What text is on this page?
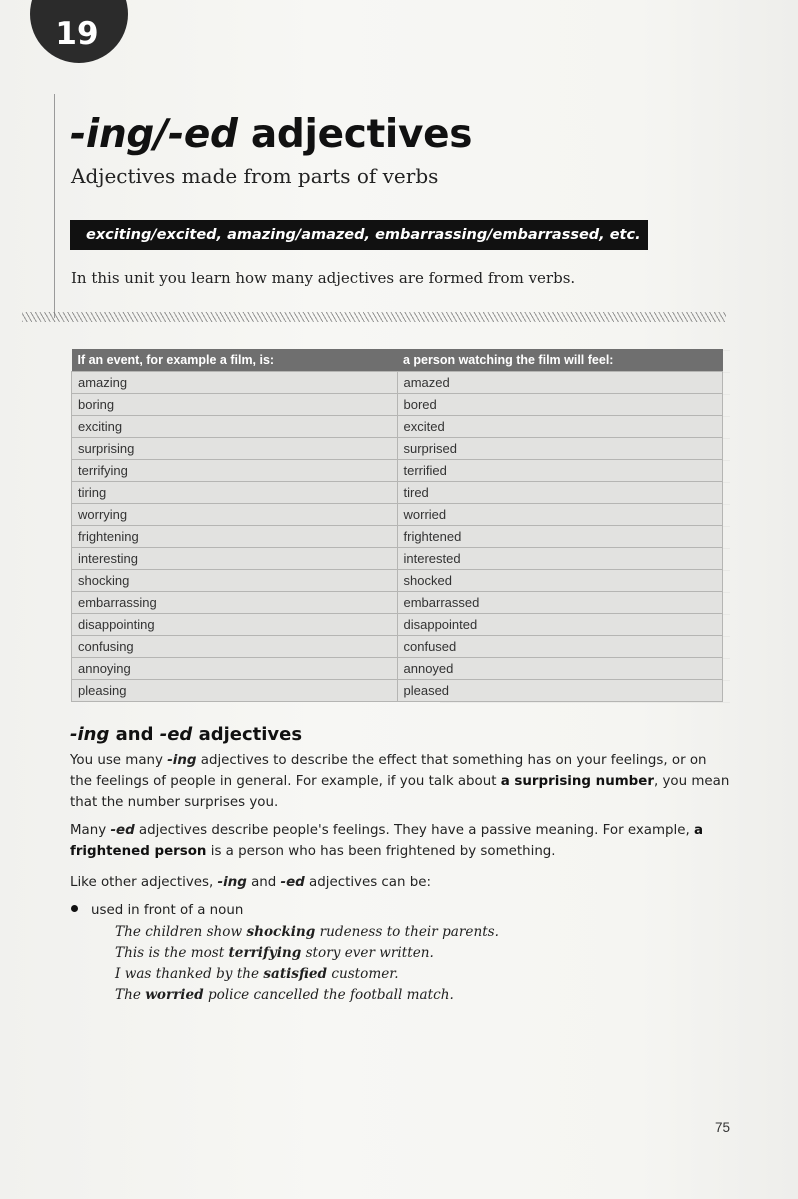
19
-ing/-ed adjectives
Adjectives made from parts of verbs
exciting/excited, amazing/amazed, embarrassing/embarrassed, etc.
In this unit you learn how many adjectives are formed from verbs.
If an event, for example a film, is:	a person watching the film will feel:
amazing	amazed
boring	bored
exciting	excited
surprising	surprised
terrifying	terrified
tiring	tired
worrying	worried
frightening	frightened
interesting	interested
shocking	shocked
embarrassing	embarrassed
disappointing	disappointed
confusing	confused
annoying	annoyed
pleasing	pleased
-ing and -ed adjectives
You use many -ing adjectives to describe the effect that something has on your feelings, or on the feelings of people in general. For example, if you talk about a surprising number, you mean that the number surprises you.
Many -ed adjectives describe people's feelings. They have a passive meaning. For example, a frightened person is a person who has been frightened by something.
Like other adjectives, -ing and -ed adjectives can be:
used in front of a noun
The children show shocking rudeness to their parents.
This is the most terrifying story ever written.
I was thanked by the satisfied customer.
The worried police cancelled the football match.
75
